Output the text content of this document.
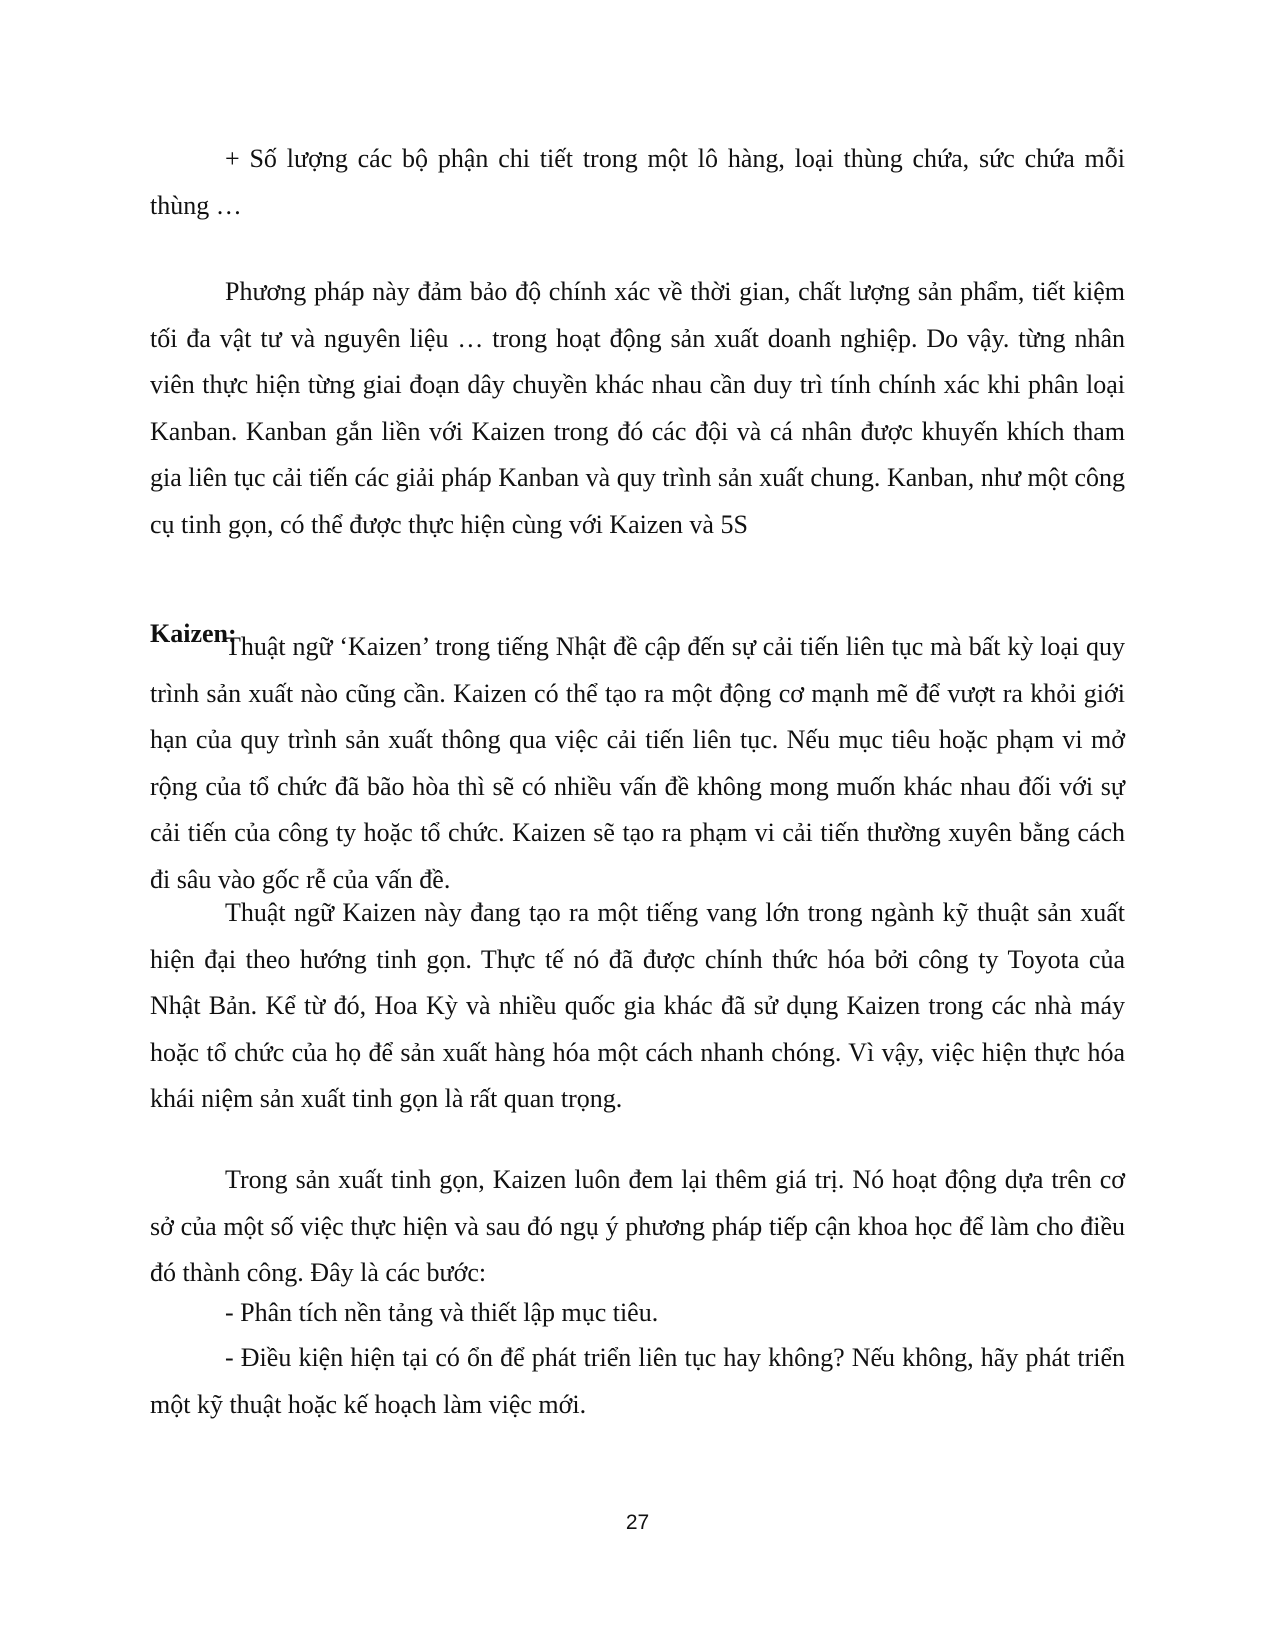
+ Số lượng các bộ phận chi tiết trong một lô hàng, loại thùng chứa, sức chứa mỗi thùng …

Phương pháp này đảm bảo độ chính xác về thời gian, chất lượng sản phẩm, tiết kiệm tối đa vật tư và nguyên liệu … trong hoạt động sản xuất doanh nghiệp. Do vậy. từng nhân viên thực hiện từng giai đoạn dây chuyền khác nhau cần duy trì tính chính xác khi phân loại Kanban. Kanban gắn liền với Kaizen trong đó các đội và cá nhân được khuyến khích tham gia liên tục cải tiến các giải pháp Kanban và quy trình sản xuất chung. Kanban, như một công cụ tinh gọn, có thể được thực hiện cùng với Kaizen và 5S

Kaizen:

Thuật ngữ ‘Kaizen’ trong tiếng Nhật đề cập đến sự cải tiến liên tục mà bất kỳ loại quy trình sản xuất nào cũng cần. Kaizen có thể tạo ra một động cơ mạnh mẽ để vượt ra khỏi giới hạn của quy trình sản xuất thông qua việc cải tiến liên tục. Nếu mục tiêu hoặc phạm vi mở rộng của tổ chức đã bão hòa thì sẽ có nhiều vấn đề không mong muốn khác nhau đối với sự cải tiến của công ty hoặc tổ chức. Kaizen sẽ tạo ra phạm vi cải tiến thường xuyên bằng cách đi sâu vào gốc rễ của vấn đề.

Thuật ngữ Kaizen này đang tạo ra một tiếng vang lớn trong ngành kỹ thuật sản xuất hiện đại theo hướng tinh gọn. Thực tế nó đã được chính thức hóa bởi công ty Toyota của Nhật Bản. Kể từ đó, Hoa Kỳ và nhiều quốc gia khác đã sử dụng Kaizen trong các nhà máy hoặc tổ chức của họ để sản xuất hàng hóa một cách nhanh chóng. Vì vậy, việc hiện thực hóa khái niệm sản xuất tinh gọn là rất quan trọng.

Trong sản xuất tinh gọn, Kaizen luôn đem lại thêm giá trị. Nó hoạt động dựa trên cơ sở của một số việc thực hiện và sau đó ngụ ý phương pháp tiếp cận khoa học để làm cho điều đó thành công. Đây là các bước:

- Phân tích nền tảng và thiết lập mục tiêu.

- Điều kiện hiện tại có ổn để phát triển liên tục hay không? Nếu không, hãy phát triển một kỹ thuật hoặc kế hoạch làm việc mới.

27
